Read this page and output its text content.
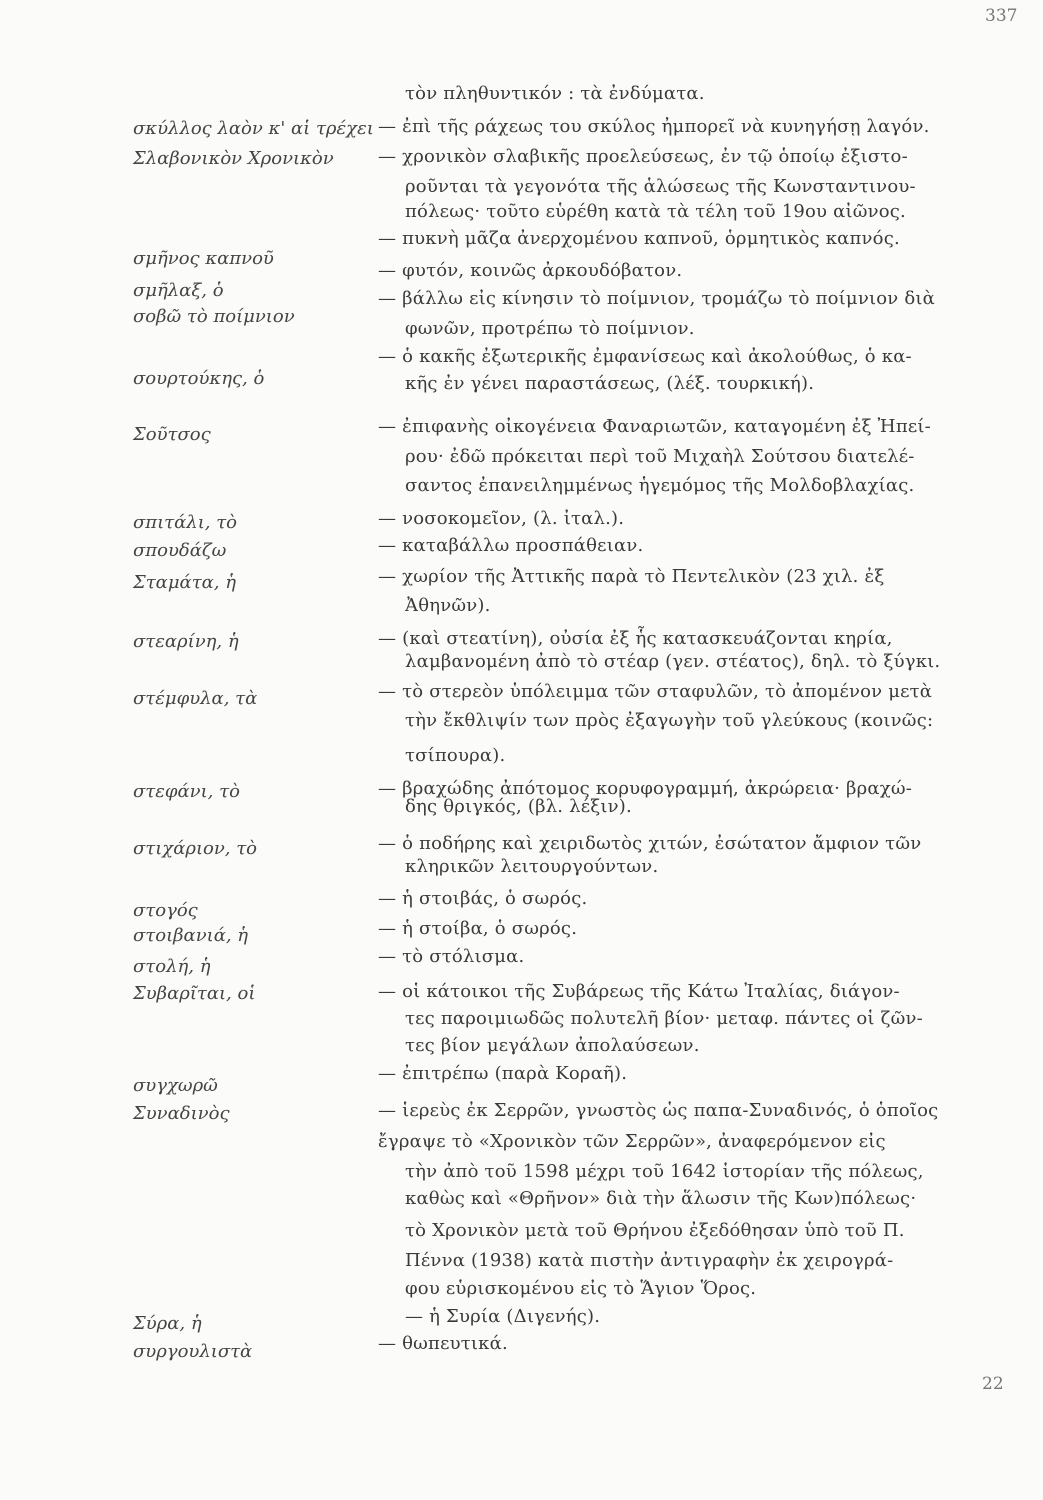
337
22
σκύλλος λαὸν κ' αἱ τρέχει
Σλαβονικὸν Χρονικὸν
σμῆνος καπνοῦ
σμῆλαξ, ὁ
σοβῶ τὸ ποίμνιον
σουρτούκης, ὁ
Σοῦτσος
σπιτάλι, τὸ
σπουδάζω
Σταμάτα, ἡ
στεαρίνη, ἡ
στέμφυλα, τὰ
στεφάνι, τὸ
στιχάριον, τὸ
στογός
στοιβανιά, ἡ
στολή, ἡ
Συβαρῖται, οἱ
συγχωρῶ
Συναδινὸς
Σύρα, ἡ
συργουλιστὰ
τὸν πληθυντικόν : τὰ ἐνδύματα.
— ἐπὶ τῆς ράχεως του σκύλος ἠμπορεῖ νὰ κυνηγήσῃ λαγόν.
— χρονικὸν σλαβικῆς προελεύσεως, ἐν τῷ ὁποίῳ ἐξιστο-
ροῦνται τὰ γεγονότα τῆς ἁλώσεως τῆς Κωνσταντινου-
πόλεως· τοῦτο εὑρέθη κατὰ τὰ τέλη τοῦ 19ου αἰῶνος.
— πυκνὴ μᾶζα ἀνερχομένου καπνοῦ, ὁρμητικὸς καπνός.
— φυτόν, κοινῶς ἀρκουδόβατον.
— βάλλω εἰς κίνησιν τὸ ποίμνιον, τρομάζω τὸ ποίμνιον διὰ
φωνῶν, προτρέπω τὸ ποίμνιον.
— ὁ κακῆς ἐξωτερικῆς ἐμφανίσεως καὶ ἀκολούθως, ὁ κα-
κῆς ἐν γένει παραστάσεως, (λέξ. τουρκική).
— ἐπιφανὴς οἰκογένεια Φαναριωτῶν, καταγομένη ἐξ Ἠπεί-
ρου· ἐδῶ πρόκειται περὶ τοῦ Μιχαὴλ Σούτσου διατελέ-
σαντος ἐπανειλημμένως ἡγεμόμος τῆς Μολδοβλαχίας.
— νοσοκομεῖον, (λ. ἰταλ.).
— καταβάλλω προσπάθειαν.
— χωρίον τῆς Ἀττικῆς παρὰ τὸ Πεντελικὸν (23 χιλ. ἐξ
Ἀθηνῶν).
— (καὶ στεατίνη), οὐσία ἐξ ἧς κατασκευάζονται κηρία,
λαμβανομένη ἀπὸ τὸ στέαρ (γεν. στέατος), δηλ. τὸ ξύγκι.
— τὸ στερεὸν ὑπόλειμμα τῶν σταφυλῶν, τὸ ἀπομένον μετὰ
τὴν ἔκθλιψίν των πρὸς ἐξαγωγὴν τοῦ γλεύκους (κοινῶς:
τσίπουρα).
— βραχώδης ἀπότομος κορυφογραμμή, ἀκρώρεια· βραχώ-
δης θριγκός, (βλ. λέξιν).
— ὁ ποδήρης καὶ χειριδωτὸς χιτών, ἐσώτατον ἄμφιον τῶν
κληρικῶν λειτουργούντων.
— ἡ στοιβάς, ὁ σωρός.
— ἡ στοίβα, ὁ σωρός.
— τὸ στόλισμα.
— οἱ κάτοικοι τῆς Συβάρεως τῆς Κάτω Ἰταλίας, διάγον-
τες παροιμιωδῶς πολυτελῆ βίον· μεταφ. πάντες οἱ ζῶν-
τες βίον μεγάλων ἀπολαύσεων.
— ἐπιτρέπω (παρὰ Κοραῆ).
— ἱερεὺς ἐκ Σερρῶν, γνωστὸς ὡς παπα-Συναδινός, ὁ ὁποῖος
ἔγραψε τὸ «Χρονικὸν τῶν Σερρῶν», ἀναφερόμενον εἰς
τὴν ἀπὸ τοῦ 1598 μέχρι τοῦ 1642 ἱστορίαν τῆς πόλεως,
καθὼς καὶ «Θρῆνον» διὰ τὴν ἅλωσιν τῆς Κων)πόλεως·
τὸ Χρονικὸν μετὰ τοῦ Θρήνου ἐξεδόθησαν ὑπὸ τοῦ Π.
Πέννα (1938) κατὰ πιστὴν ἀντιγραφὴν ἐκ χειρογρά-
φου εὑρισκομένου εἰς τὸ Ἅγιον Ὅρος.
— ἡ Συρία (Διγενής).
— θωπευτικά.
